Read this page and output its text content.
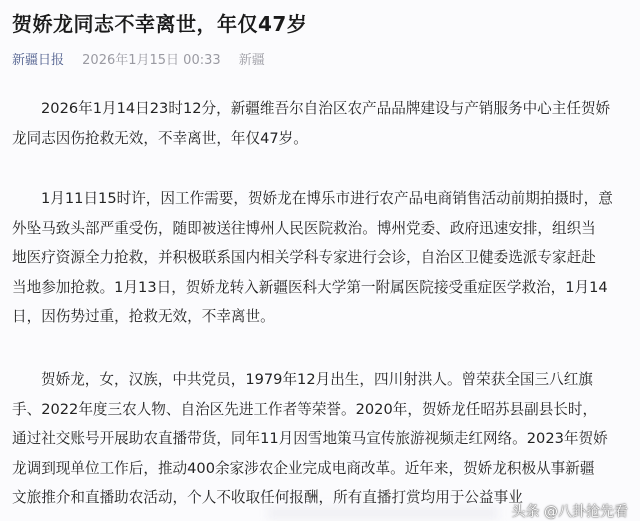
贺娇龙同志不幸离世，年仅47岁
新疆日报 2026年1月15日 00:33 新疆
2026年1月14日23时12分，新疆维吾尔自治区农产品品牌建设与产销服务中心主任贺娇
龙同志因伤抢救无效，不幸离世，年仅47岁。
1月11日15时许，因工作需要，贺娇龙在博乐市进行农产品电商销售活动前期拍摄时，意
外坠马致头部严重受伤，随即被送往博州人民医院救治。博州党委、政府迅速安排，组织当
地医疗资源全力抢救，并积极联系国内相关学科专家进行会诊，自治区卫健委选派专家赶赴
当地参加抢救。1月13日，贺娇龙转入新疆医科大学第一附属医院接受重症医学救治，1月14
日，因伤势过重，抢救无效，不幸离世。
贺娇龙，女，汉族，中共党员，1979年12月出生，四川射洪人。曾荣获全国三八红旗
手、2022年度三农人物、自治区先进工作者等荣誉。2020年，贺娇龙任昭苏县副县长时，
通过社交账号开展助农直播带货，同年11月因雪地策马宣传旅游视频走红网络。2023年贺娇
龙调到现单位工作后，推动400余家涉农企业完成电商改革。近年来，贺娇龙积极从事新疆
文旅推介和直播助农活动，个人不收取任何报酬，所有直播打赏均用于公益事业
头条 @八卦抢先看
